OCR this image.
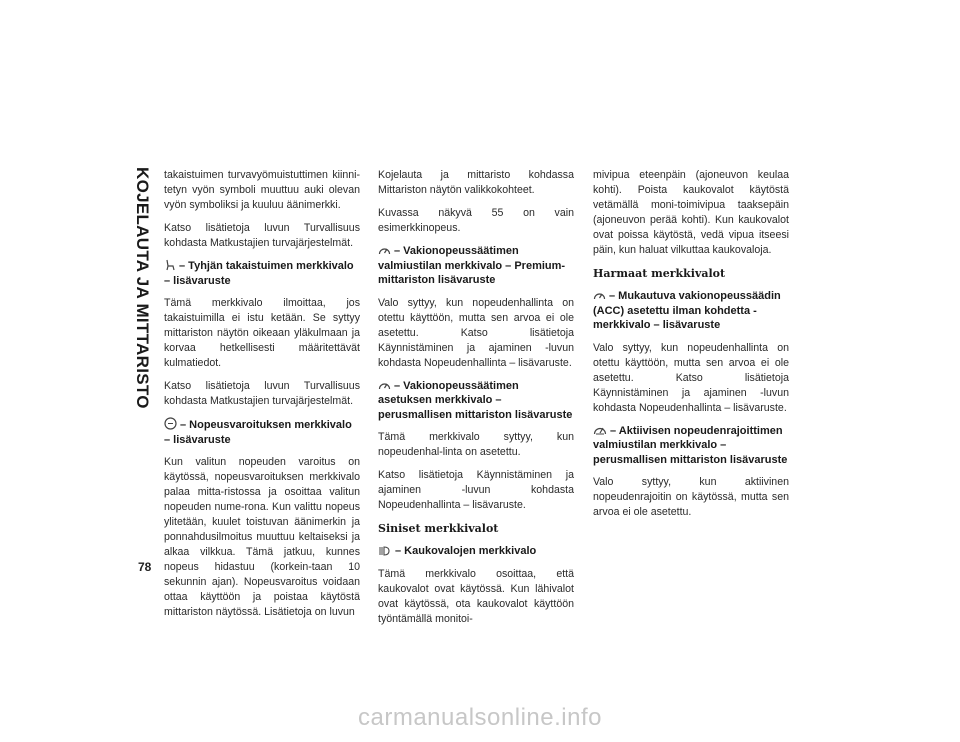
KOJELAUTA JA MITTARISTO
78

takaistuimen turvavyömuistuttimen kiinni-tetyn vyön symboli muuttuu auki olevan vyön symboliksi ja kuuluu äänimerkki.

Katso lisätietoja luvun Turvallisuus kohdasta Matkustajien turvajärjestelmät.

– Tyhjän takaistuimen merkkivalo – lisävaruste

Tämä merkkivalo ilmoittaa, jos takaistuimilla ei istu ketään. Se syttyy mittariston näytön oikeaan yläkulmaan ja korvaa hetkellisesti määritettävät kulmatiedot.

Katso lisätietoja luvun Turvallisuus kohdasta Matkustajien turvajärjestelmät.

– Nopeusvaroituksen merkkivalo – lisävaruste

Kun valitun nopeuden varoitus on käytössä, nopeusvaroituksen merkkivalo palaa mitta-ristossa ja osoittaa valitun nopeuden nume-rona. Kun valittu nopeus ylitetään, kuulet toistuvan äänimerkin ja ponnahdusilmoitus muuttuu keltaiseksi ja alkaa vilkkua. Tämä jatkuu, kunnes nopeus hidastuu (korkein-taan 10 sekunnin ajan). Nopeusvaroitus voidaan ottaa käyttöön ja poistaa käytöstä mittariston näytössä. Lisätietoja on luvun

Kojelauta ja mittaristo kohdassa Mittariston näytön valikkokohteet.

Kuvassa näkyvä 55 on vain esimerkkinopeus.

– Vakionopeussäätimen valmiustilan merkkivalo – Premium-mittariston lisävaruste

Valo syttyy, kun nopeudenhallinta on otettu käyttöön, mutta sen arvoa ei ole asetettu. Katso lisätietoja Käynnistäminen ja ajaminen -luvun kohdasta Nopeudenhallinta – lisävaruste.

– Vakionopeussäätimen asetuksen merkkivalo – perusmallisen mittariston lisävaruste

Tämä merkkivalo syttyy, kun nopeudenhal-linta on asetettu.

Katso lisätietoja Käynnistäminen ja ajaminen -luvun kohdasta Nopeudenhallinta – lisävaruste.

Siniset merkkivalot
– Kaukovalojen merkkivalo

Tämä merkkivalo osoittaa, että kaukovalot ovat käytössä. Kun lähivalot ovat käytössä, ota kaukovalot käyttöön työntämällä monitoi-

mivipua eteenpäin (ajoneuvon keulaa kohti). Poista kaukovalot käytöstä vetämällä moni-toimivipua taaksepäin (ajoneuvon perää kohti). Kun kaukovalot ovat poissa käytöstä, vedä vipua itseesi päin, kun haluat vilkuttaa kaukovaloja.

Harmaat merkkivalot
– Mukautuva vakionopeussäädin (ACC) asetettu ilman kohdetta -merkkivalo – lisävaruste

Valo syttyy, kun nopeudenhallinta on otettu käyttöön, mutta sen arvoa ei ole asetettu. Katso lisätietoja Käynnistäminen ja ajaminen -luvun kohdasta Nopeudenhallinta – lisävaruste.

– Aktiivisen nopeudenrajoittimen valmiustilan merkkivalo – perusmallisen mittariston lisävaruste

Valo syttyy, kun aktiivinen nopeudenrajoitin on käytössä, mutta sen arvoa ei ole asetettu.

carmanualsonline.info
